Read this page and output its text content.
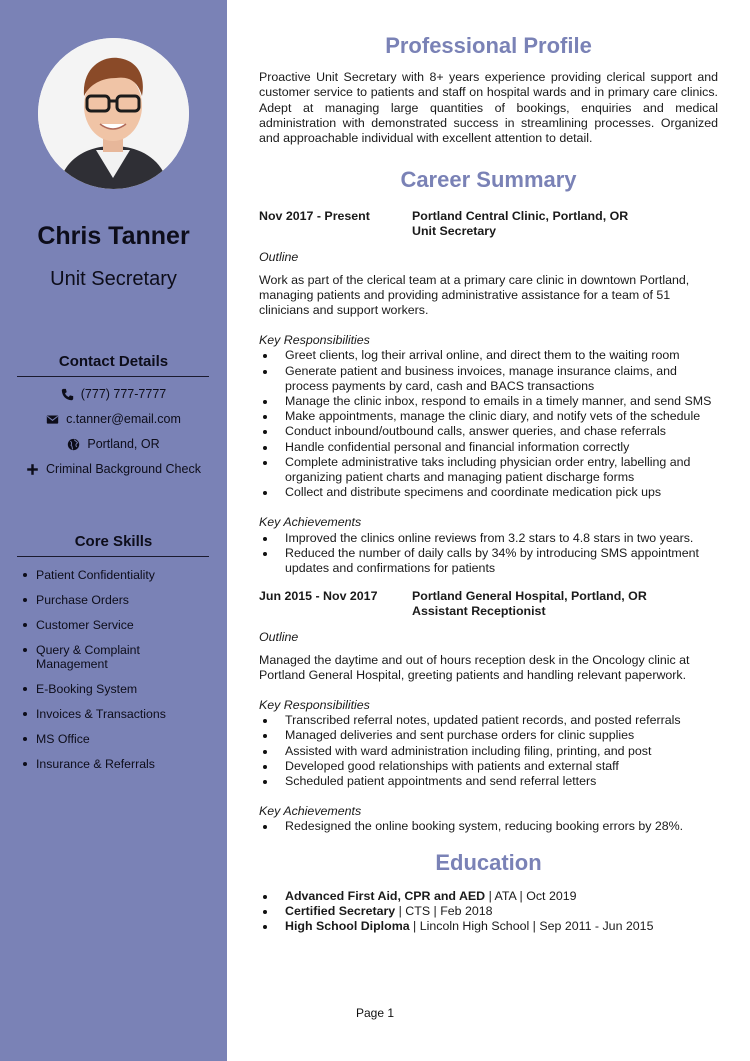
Chris Tanner
Unit Secretary
Contact Details
(777) 777-7777
c.tanner@email.com
Portland, OR
Criminal Background Check
Core Skills
Patient Confidentiality
Purchase Orders
Customer Service
Query & Complaint Management
E-Booking System
Invoices & Transactions
MS Office
Insurance & Referrals
Professional Profile
Proactive Unit Secretary with 8+ years experience providing clerical support and customer service to patients and staff on hospital wards and in primary care clinics. Adept at managing large quantities of bookings, enquiries and medical administration with demonstrated success in streamlining processes. Organized and approachable individual with excellent attention to detail.
Career Summary
Nov 2017 - Present	Portland Central Clinic, Portland, OR
Unit Secretary
Outline
Work as part of the clerical team at a primary care clinic in downtown Portland, managing patients and providing administrative assistance for a team of 51 clinicians and support workers.
Key Responsibilities
Greet clients, log their arrival online, and direct them to the waiting room
Generate patient and business invoices, manage insurance claims, and process payments by card, cash and BACS transactions
Manage the clinic inbox, respond to emails in a timely manner, and send SMS
Make appointments, manage the clinic diary, and notify vets of the schedule
Conduct inbound/outbound calls, answer queries, and chase referrals
Handle confidential personal and financial information correctly
Complete administrative taks including physician order entry, labelling and organizing patient charts and managing patient discharge forms
Collect and distribute specimens and coordinate medication pick ups
Key Achievements
Improved the clinics online reviews from 3.2 stars to 4.8 stars in two years.
Reduced the number of daily calls by 34% by introducing SMS appointment updates and confirmations for patients
Jun 2015 - Nov 2017	Portland General Hospital, Portland, OR
Assistant Receptionist
Outline
Managed the daytime and out of hours reception desk in the Oncology clinic at Portland General Hospital, greeting patients and handling relevant paperwork.
Key Responsibilities
Transcribed referral notes, updated patient records, and posted referrals
Managed deliveries and sent purchase orders for clinic supplies
Assisted with ward administration including filing, printing, and post
Developed good relationships with patients and external staff
Scheduled patient appointments and send referral letters
Key Achievements
Redesigned the online booking system, reducing booking errors by 28%.
Education
Advanced First Aid, CPR and AED | ATA | Oct 2019
Certified Secretary | CTS | Feb 2018
High School Diploma | Lincoln High School | Sep 2011 - Jun 2015
Page 1
